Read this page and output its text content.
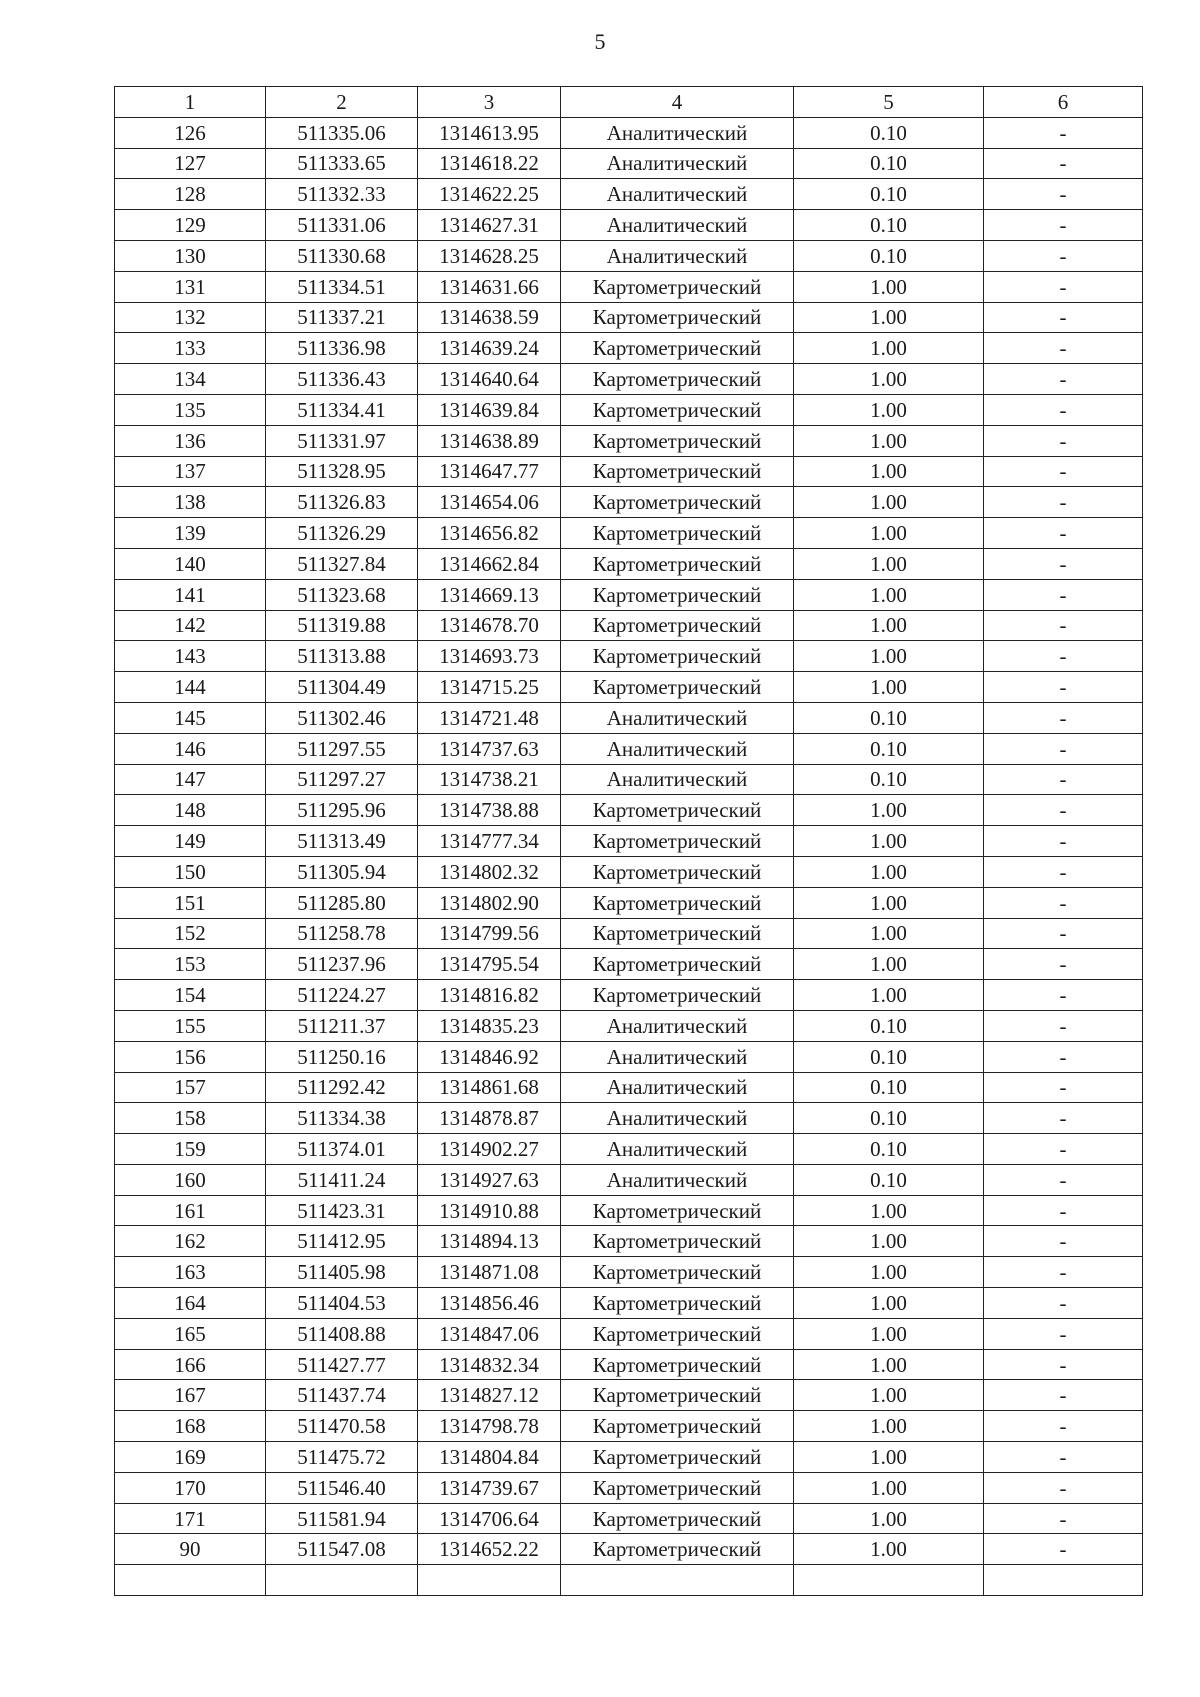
5
1	2	3	4	5	6
126	511335.06	1314613.95	Аналитический	0.10	-
127	511333.65	1314618.22	Аналитический	0.10	-
128	511332.33	1314622.25	Аналитический	0.10	-
129	511331.06	1314627.31	Аналитический	0.10	-
130	511330.68	1314628.25	Аналитический	0.10	-
131	511334.51	1314631.66	Картометрический	1.00	-
132	511337.21	1314638.59	Картометрический	1.00	-
133	511336.98	1314639.24	Картометрический	1.00	-
134	511336.43	1314640.64	Картометрический	1.00	-
135	511334.41	1314639.84	Картометрический	1.00	-
136	511331.97	1314638.89	Картометрический	1.00	-
137	511328.95	1314647.77	Картометрический	1.00	-
138	511326.83	1314654.06	Картометрический	1.00	-
139	511326.29	1314656.82	Картометрический	1.00	-
140	511327.84	1314662.84	Картометрический	1.00	-
141	511323.68	1314669.13	Картометрический	1.00	-
142	511319.88	1314678.70	Картометрический	1.00	-
143	511313.88	1314693.73	Картометрический	1.00	-
144	511304.49	1314715.25	Картометрический	1.00	-
145	511302.46	1314721.48	Аналитический	0.10	-
146	511297.55	1314737.63	Аналитический	0.10	-
147	511297.27	1314738.21	Аналитический	0.10	-
148	511295.96	1314738.88	Картометрический	1.00	-
149	511313.49	1314777.34	Картометрический	1.00	-
150	511305.94	1314802.32	Картометрический	1.00	-
151	511285.80	1314802.90	Картометрический	1.00	-
152	511258.78	1314799.56	Картометрический	1.00	-
153	511237.96	1314795.54	Картометрический	1.00	-
154	511224.27	1314816.82	Картометрический	1.00	-
155	511211.37	1314835.23	Аналитический	0.10	-
156	511250.16	1314846.92	Аналитический	0.10	-
157	511292.42	1314861.68	Аналитический	0.10	-
158	511334.38	1314878.87	Аналитический	0.10	-
159	511374.01	1314902.27	Аналитический	0.10	-
160	511411.24	1314927.63	Аналитический	0.10	-
161	511423.31	1314910.88	Картометрический	1.00	-
162	511412.95	1314894.13	Картометрический	1.00	-
163	511405.98	1314871.08	Картометрический	1.00	-
164	511404.53	1314856.46	Картометрический	1.00	-
165	511408.88	1314847.06	Картометрический	1.00	-
166	511427.77	1314832.34	Картометрический	1.00	-
167	511437.74	1314827.12	Картометрический	1.00	-
168	511470.58	1314798.78	Картометрический	1.00	-
169	511475.72	1314804.84	Картометрический	1.00	-
170	511546.40	1314739.67	Картометрический	1.00	-
171	511581.94	1314706.64	Картометрический	1.00	-
90	511547.08	1314652.22	Картометрический	1.00	-
